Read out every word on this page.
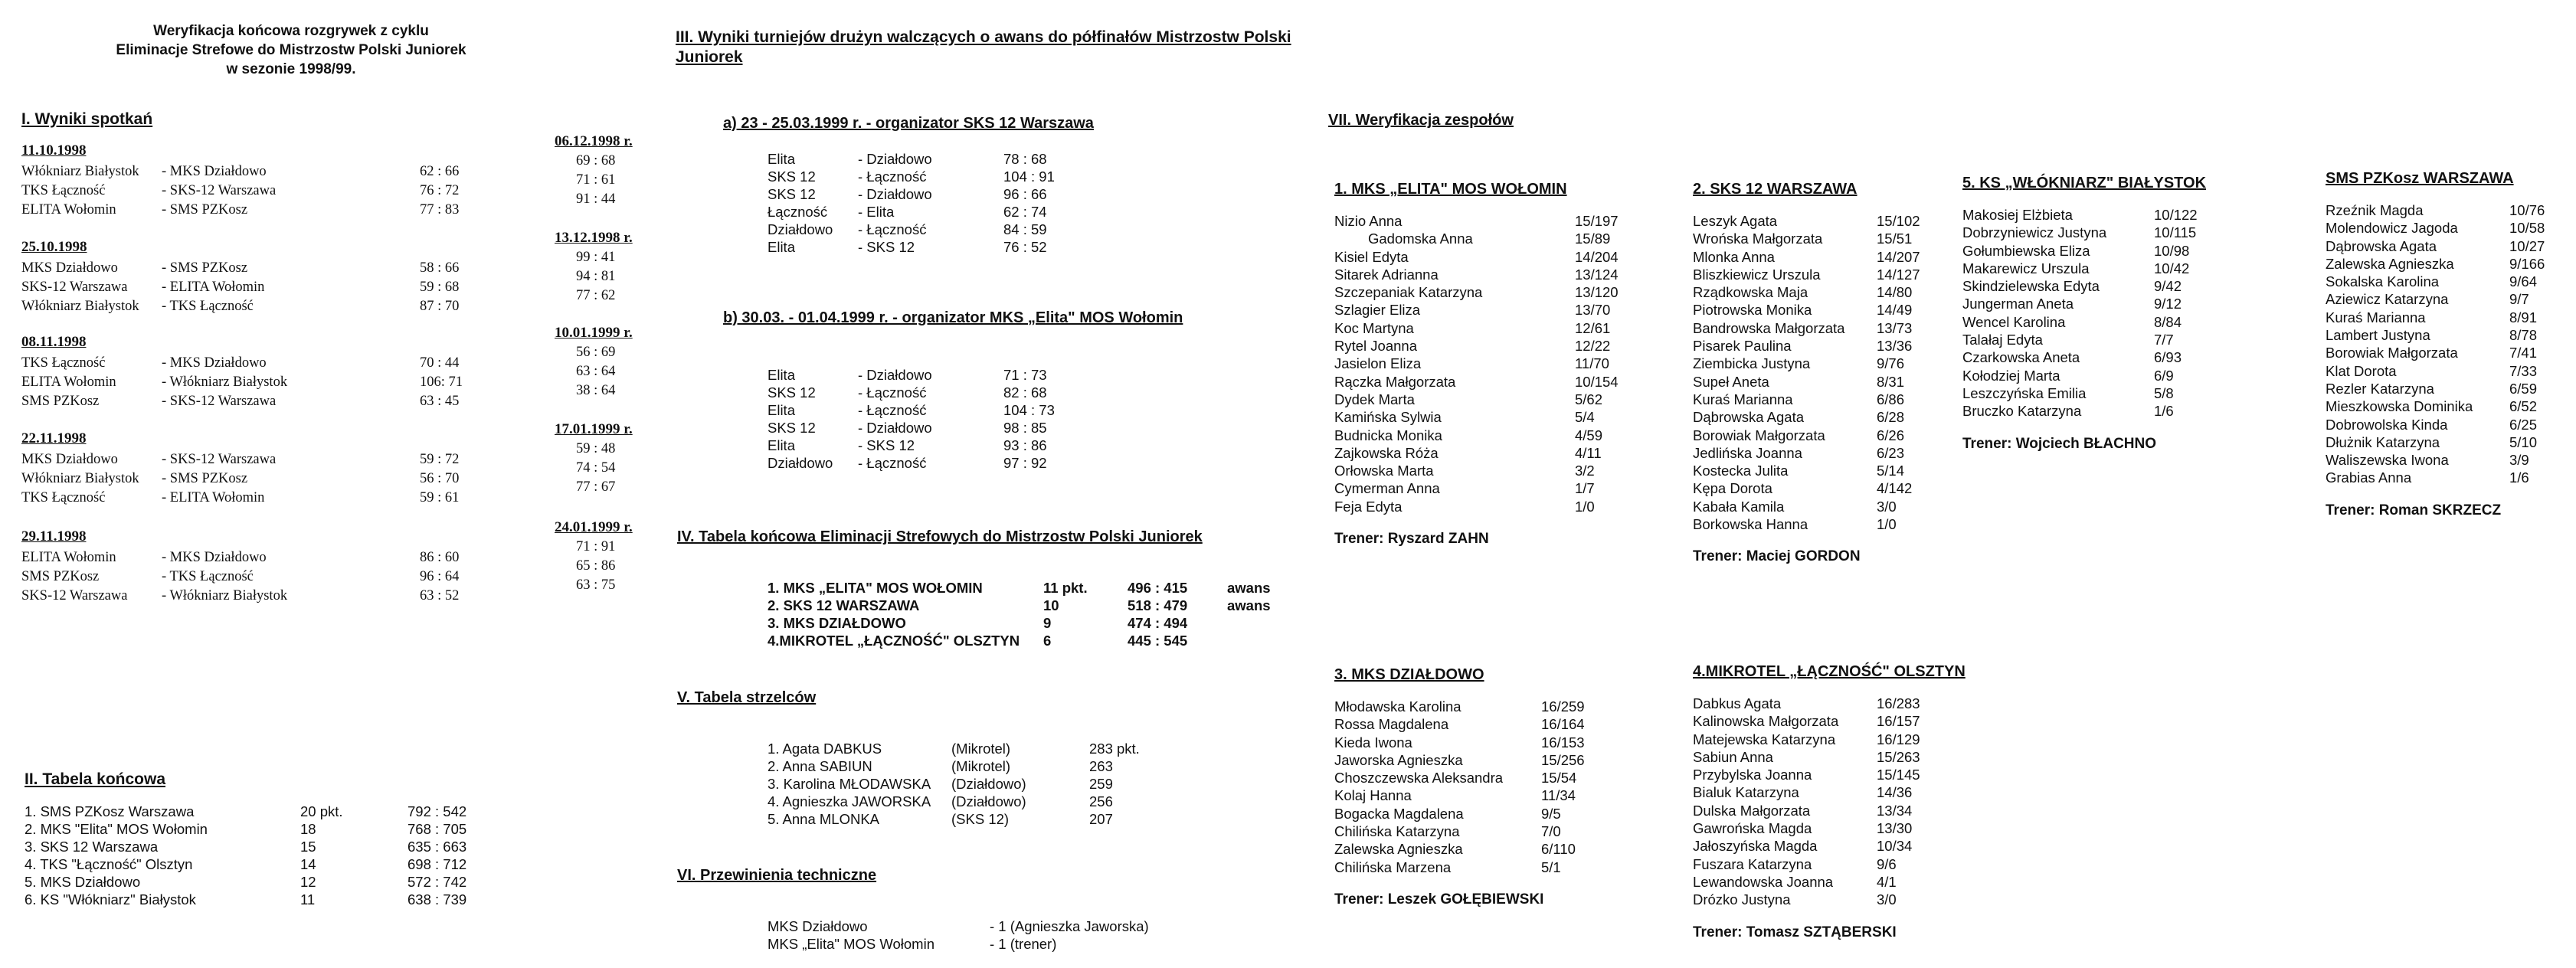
Weryfikacja końcowa rozgrywek z cyklu
Eliminacje Strefowe do Mistrzostw Polski Juniorek
w sezonie 1998/99.
I. Wyniki spotkań
11.10.1998
Włókniarz Białystok - MKS Działdowo	62 : 66
TKS Łączność	- SKS-12 Warszawa	76 : 72
ELITA Wołomin	- SMS PZKosz	77 : 83
06.12.1998 r.
69 : 68
71 : 61
91 : 44
25.10.1998
MKS Działdowo	- SMS PZKosz	58 : 66
SKS-12 Warszawa - ELITA Wołomin	59 : 68
Włókniarz Białystok - TKS Łączność	87 : 70
13.12.1998 r.
99 : 41
94 : 81
77 : 62
08.11.1998
TKS Łączność	- MKS Działdowo	70 : 44
ELITA Wołomin	- Włókniarz Białystok	106: 71
SMS PZKosz	- SKS-12 Warszawa	63 : 45
10.01.1999 r.
56 : 69
63 : 64
38 : 64
22.11.1998
MKS Działdowo	- SKS-12 Warszawa	59 : 72
Włókniarz Białystok - SMS PZKosz	56 : 70
TKS Łączność	- ELITA Wołomin	59 : 61
17.01.1999 r.
59 : 48
74 : 54
77 : 67
29.11.1998
ELITA Wołomin	- MKS Działdowo	86 : 60
SMS PZKosz	- TKS Łączność	96 : 64
SKS-12 Warszawa - Włókniarz Białystok	63 : 52
24.01.1999 r.
71 : 91
65 : 86
63 : 75
II. Tabela końcowa
1. SMS PZKosz Warszawa	20 pkt.	792 : 542
2. MKS "Elita" MOS Wołomin	18	768 : 705
3. SKS 12 Warszawa	15	635 : 663
4. TKS "Łączność" Olsztyn	14	698 : 712
5. MKS Działdowo	12	572 : 742
6. KS "Włókniarz" Białystok	11	638 : 739
III. Wyniki turniejów drużyn walczących o awans do półfinałów Mistrzostw Polski
Juniorek
a) 23 - 25.03.1999 r. - organizator SKS 12 Warszawa
Elita	- Działdowo	78 : 68
SKS 12	- Łączność	104 : 91
SKS 12	- Działdowo	96 : 66
Łączność	- Elita	62 : 74
Działdowo	- Łączność	84 : 59
Elita	- SKS 12	76 : 52
b) 30.03. - 01.04.1999 r. - organizator MKS „Elita" MOS Wołomin
Elita	- Działdowo	71 : 73
SKS 12	- Łączność	82 : 68
Elita	- Łączność	104 : 73
SKS 12	- Działdowo	98 : 85
Elita	- SKS 12	93 : 86
Działdowo	- Łączność	97 : 92
IV. Tabela końcowa Eliminacji Strefowych do Mistrzostw Polski Juniorek
1. MKS „ELITA" MOS WOŁOMIN	11 pkt.	496 : 415	awans
2. SKS 12 WARSZAWA	10	518 : 479	awans
3. MKS DZIAŁDOWO	9	474 : 494	
4.MIKROTEL „ŁĄCZNOŚĆ" OLSZTYN	6	445 : 545	
V. Tabela strzelców
1. Agata DABKUS	(Mikrotel)	283 pkt.
2. Anna SABIUN	(Mikrotel)	263
3. Karolina MŁODAWSKA	(Działdowo)	259
4. Agnieszka JAWORSKA	(Działdowo)	256
5. Anna MLONKA	(SKS 12)	207
VI. Przewinienia techniczne
MKS Działdowo	- 1 (Agnieszka Jaworska)
MKS „Elita" MOS Wołomin	- 1 (trener)
VII. Weryfikacja zespołów
1. MKS „ELITA" MOS WOŁOMIN
Nizio Anna	15/197
Gadomska Anna	15/89
Kisiel Edyta	14/204
Sitarek Adrianna	13/124
Szczepaniak Katarzyna	13/120
Szlagier Eliza	13/70
Koc Martyna	12/61
Rytel Joanna	12/22
Jasielon Eliza	11/70
Rączka Małgorzata	10/154
Dydek Marta	5/62
Kamińska Sylwia	5/4
Budnicka Monika	4/59
Zajkowska Róża	4/11
Orłowska Marta	3/2
Cymerman Anna	1/7
Feja Edyta	1/0
Trener: Ryszard ZAHN
2. SKS 12 WARSZAWA
Leszyk Agata	15/102
Wrońska Małgorzata	15/51
Mlonka Anna	14/207
Bliszkiewicz Urszula	14/127
Rządkowska Maja	14/80
Piotrowska Monika	14/49
Bandrowska Małgorzata	13/73
Pisarek Paulina	13/36
Ziembicka Justyna	9/76
Supeł Aneta	8/31
Kuraś Marianna	6/86
Dąbrowska Agata	6/28
Borowiak Małgorzata	6/26
Jedlińska Joanna	6/23
Kostecka Julita	5/14
Kępa Dorota	4/142
Kabała Kamila	3/0
Borkowska Hanna	1/0
Trener: Maciej GORDON
5. KS „WŁÓKNIARZ" BIAŁYSTOK
Makosiej Elżbieta	10/122
Dobrzyniewicz Justyna	10/115
Gołumbiewska Eliza	10/98
Makarewicz Urszula	10/42
Skindzielewska Edyta	9/42
Jungerman Aneta	9/12
Wencel Karolina	8/84
Talałaj Edyta	7/7
Czarkowska Aneta	6/93
Kołodziej Marta	6/9
Leszczyńska Emilia	5/8
Bruczko Katarzyna	1/6
Trener: Wojciech BŁACHNO
SMS PZKosz WARSZAWA
Rzeźnik Magda	10/76
Molendowicz Jagoda	10/58
Dąbrowska Agata	10/27
Zalewska Agnieszka	9/166
Sokalska Karolina	9/64
Aziewicz Katarzyna	9/7
Kuraś Marianna	8/91
Lambert Justyna	8/78
Borowiak Małgorzata	7/41
Klat Dorota	7/33
Rezler Katarzyna	6/59
Mieszkowska Dominika	6/52
Dobrowolska Kinda	6/25
Dłużnik Katarzyna	5/10
Waliszewska Iwona	3/9
Grabias Anna	1/6
Trener: Roman SKRZECZ
3. MKS DZIAŁDOWO
Młodawska Karolina	16/259
Rossa Magdalena	16/164
Kieda Iwona	16/153
Jaworska Agnieszka	15/256
Choszczewska Aleksandra	15/54
Kolaj Hanna	11/34
Bogacka Magdalena	9/5
Chilińska Katarzyna	7/0
Zalewska Agnieszka	6/110
Chilińska Marzena	5/1
Trener: Leszek GOŁĘBIEWSKI
4.MIKROTEL „ŁĄCZNOŚĆ" OLSZTYN
Dabkus Agata	16/283
Kalinowska Małgorzata	16/157
Matejewska Katarzyna	16/129
Sabiun Anna	15/263
Przybylska Joanna	15/145
Bialuk Katarzyna	14/36
Dulska Małgorzata	13/34
Gawrońska Magda	13/30
Jałoszyńska Magda	10/34
Fuszara Katarzyna	9/6
Lewandowska Joanna	4/1
Drózko Justyna	3/0
Trener: Tomasz SZTĄBERSKI
